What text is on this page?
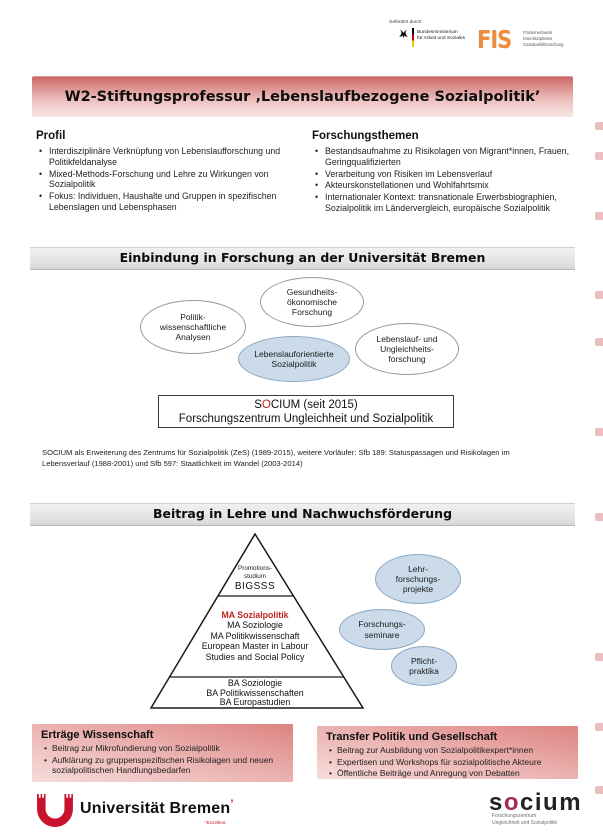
Gefördert durch:
Bundesministerium
für Arbeit und Soziales FIS	Fördernetzwerk
Interdisziplinäre
Sozialpolitikforschung
W2-Stiftungsprofessur ‚Lebenslaufbezogene Sozialpolitik’
Profil
• Interdisziplinäre Verknüpfung von Lebenslaufforschung und Politikfeldanalyse
• Mixed-Methods-Forschung und Lehre zu Wirkungen von Sozialpolitik
• Fokus: Individuen, Haushalte und Gruppen in spezifischen Lebenslagen und Lebensphasen
Forschungsthemen
• Bestandsaufnahme zu Risikolagen von Migrant*innen, Frauen, Geringqualifizierten
• Verarbeitung von Risiken im Lebensverlauf
• Akteurskonstellationen und Wohlfahrtsmix
• Internationaler Kontext: transnationale Erwerbsbiographien, Sozialpolitik im Ländervergleich, europäische Sozialpolitik
Einbindung in Forschung an der Universität Bremen
Politik-
wissenschaftliche
Analysen
Gesundheits-
ökonomische
Forschung
Lebenslauforientierte
Sozialpolitik
Lebenslauf- und
Ungleichheits-
forschung
SOCIUM (seit 2015)
Forschungszentrum Ungleichheit und Sozialpolitik
SOCIUM als Erweiterung des Zentrums für Sozialpolitik (ZeS) (1989-2015), weitere Vorläufer: Sfb 189: Statuspassagen und Risikolagen im Lebensverlauf (1988-2001) und Sfb 597: Staatlichkeit im Wandel (2003-2014)
Beitrag in Lehre und Nachwuchsförderung
Promotions-
studium
BIGSSS
MA Sozialpolitik
MA Soziologie
MA Politikwissenschaft
European Master in Labour
Studies and Social Policy
BA Soziologie
BA Politikwissenschaften
BA Europastudien
Lehr-
forschungs-
projekte
Forschungs-
seminare
Pflicht-
praktika
Erträge Wissenschaft
• Beitrag zur Mikrofundierung von Sozialpolitik
• Aufklärung zu gruppenspezifischen Risikolagen und neuen sozialpolitischen Handlungsbedarfen
Transfer Politik und Gesellschaft
• Beitrag zur Ausbildung von Sozialpolitikexpert*innen
• Expertisen und Workshops für sozialpolitische Akteure
• Öffentliche Beiträge und Anregung von Debatten
Universität Bremen’
*Exzellent.
socium
Forschungszentrum
Ungleichheit und Sozialpolitik
